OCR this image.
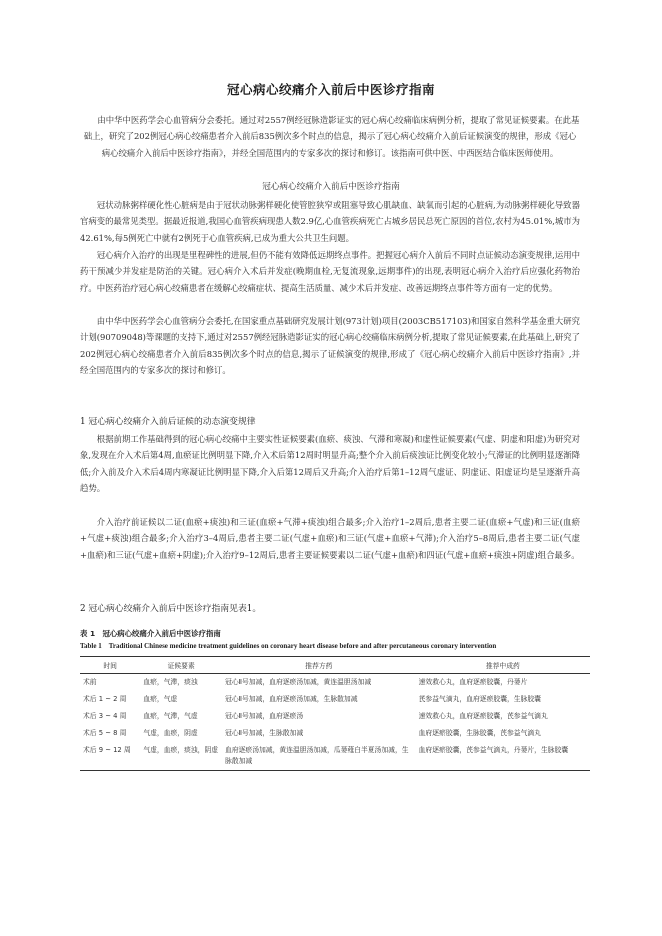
冠心病心绞痛介入前后中医诊疗指南

由中华中医药学会心血管病分会委托。通过对2557例经冠脉造影证实的冠心病心绞痛临床病例分析，提取了常见证候要素。在此基础上，研究了202例冠心病心绞痛患者介入前后835例次多个时点的信息，揭示了冠心病心绞痛介入前后证候演变的规律，形成《冠心病心绞痛介入前后中医诊疗指南》，并经全国范围内的专家多次的探讨和修订。该指南可供中医、中西医结合临床医师使用。

冠心病心绞痛介入前后中医诊疗指南

冠状动脉粥样硬化性心脏病是由于冠状动脉粥样硬化使管腔狭窄或阻塞导致心肌缺血、缺氧而引起的心脏病,为动脉粥样硬化导致器官病变的最常见类型。据最近报道,我国心血管疾病现患人数2.9亿,心血管疾病死亡占城乡居民总死亡原因的首位,农村为45.01%,城市为42.61%,每5例死亡中就有2例死于心血管疾病,已成为重大公共卫生问题。

冠心病介入治疗的出现是里程碑性的进展,但仍不能有效降低远期终点事件。把握冠心病介入前后不同时点证候动态演变规律,运用中药干预减少并发症是防治的关键。冠心病介入术后并发症(晚期血栓,无复流现象,远期事件)的出现,表明冠心病介入治疗后应强化药物治疗。中医药治疗冠心病心绞痛患者在缓解心绞痛症状、提高生活质量、减少术后并发症、改善远期终点事件等方面有一定的优势。

由中华中医药学会心血管病分会委托,在国家重点基础研究发展计划(973计划)项目(2003CB517103)和国家自然科学基金重大研究计划(90709048)等课题的支持下,通过对2557例经冠脉造影证实的冠心病心绞痛临床病例分析,提取了常见证候要素,在此基础上,研究了202例冠心病心绞痛患者介入前后835例次多个时点的信息,揭示了证候演变的规律,形成了《冠心病心绞痛介入前后中医诊疗指南》,并经全国范围内的专家多次的探讨和修订。

1 冠心病心绞痛介入前后证候的动态演变规律

根据前期工作基础得到的冠心病心绞痛中主要实性证候要素(血瘀、痰浊、气滞和寒凝)和虚性证候要素(气虚、阴虚和阳虚)为研究对象,发现在介入术后第4周,血瘀证比例明显下降,介入术后第12周时明显升高;整个介入前后痰浊证比例变化较小;气滞证的比例明显逐渐降低;介入前及介入术后4周内寒凝证比例明显下降,介入后第12周后又升高;介入治疗后第1–12周气虚证、阴虚证、阳虚证均是呈逐渐升高趋势。

介入治疗前证候以二证(血瘀+痰浊)和三证(血瘀+气滞+痰浊)组合最多;介入治疗1–2周后,患者主要二证(血瘀+气虚)和三证(血瘀+气虚+痰浊)组合最多;介入治疗3–4周后,患者主要二证(气虚+血瘀)和三证(气虚+血瘀+气滞);介入治疗5–8周后,患者主要二证(气虚+血瘀)和三证(气虚+血瘀+阴虚);介入治疗9–12周后,患者主要证候要素以二证(气虚+血瘀)和四证(气虚+血瘀+痰浊+阴虚)组合最多。

2 冠心病心绞痛介入前后中医诊疗指南见表1。
表 1　冠心病心绞痛介入前后中医诊疗指南
Table 1　Traditional Chinese medicine treatment guidelines on coronary heart disease before and after percutaneous coronary intervention
时间	证候要素	推荐方药	推荐中成药
术前	血瘀，气滞，痰浊	冠心Ⅱ号加减，血府逐瘀汤加减，黄连温胆汤加减	速效救心丸，血府逐瘀胶囊，丹蒌片
术后 1 ~ 2 周	血瘀，气虚	冠心Ⅱ号加减，血府逐瘀汤加减，生脉散加减	芪参益气滴丸，血府逐瘀胶囊，生脉胶囊
术后 3 ~ 4 周	血瘀，气滞，气虚	冠心Ⅱ号加减，血府逐瘀汤	速效救心丸，血府逐瘀胶囊，芪参益气滴丸
术后 5 ~ 8 周	气虚，血瘀，阴虚	冠心Ⅱ号加减，生脉散加减	血府逐瘀胶囊，生脉胶囊，芪参益气滴丸
术后 9 ~ 12 周	气虚，血瘀，痰浊，阴虚	血府逐瘀汤加减，黄连温胆汤加减，瓜蒌薤白半夏汤加减，生脉散加减	血府逐瘀胶囊，芪参益气滴丸，丹蒌片，生脉胶囊
